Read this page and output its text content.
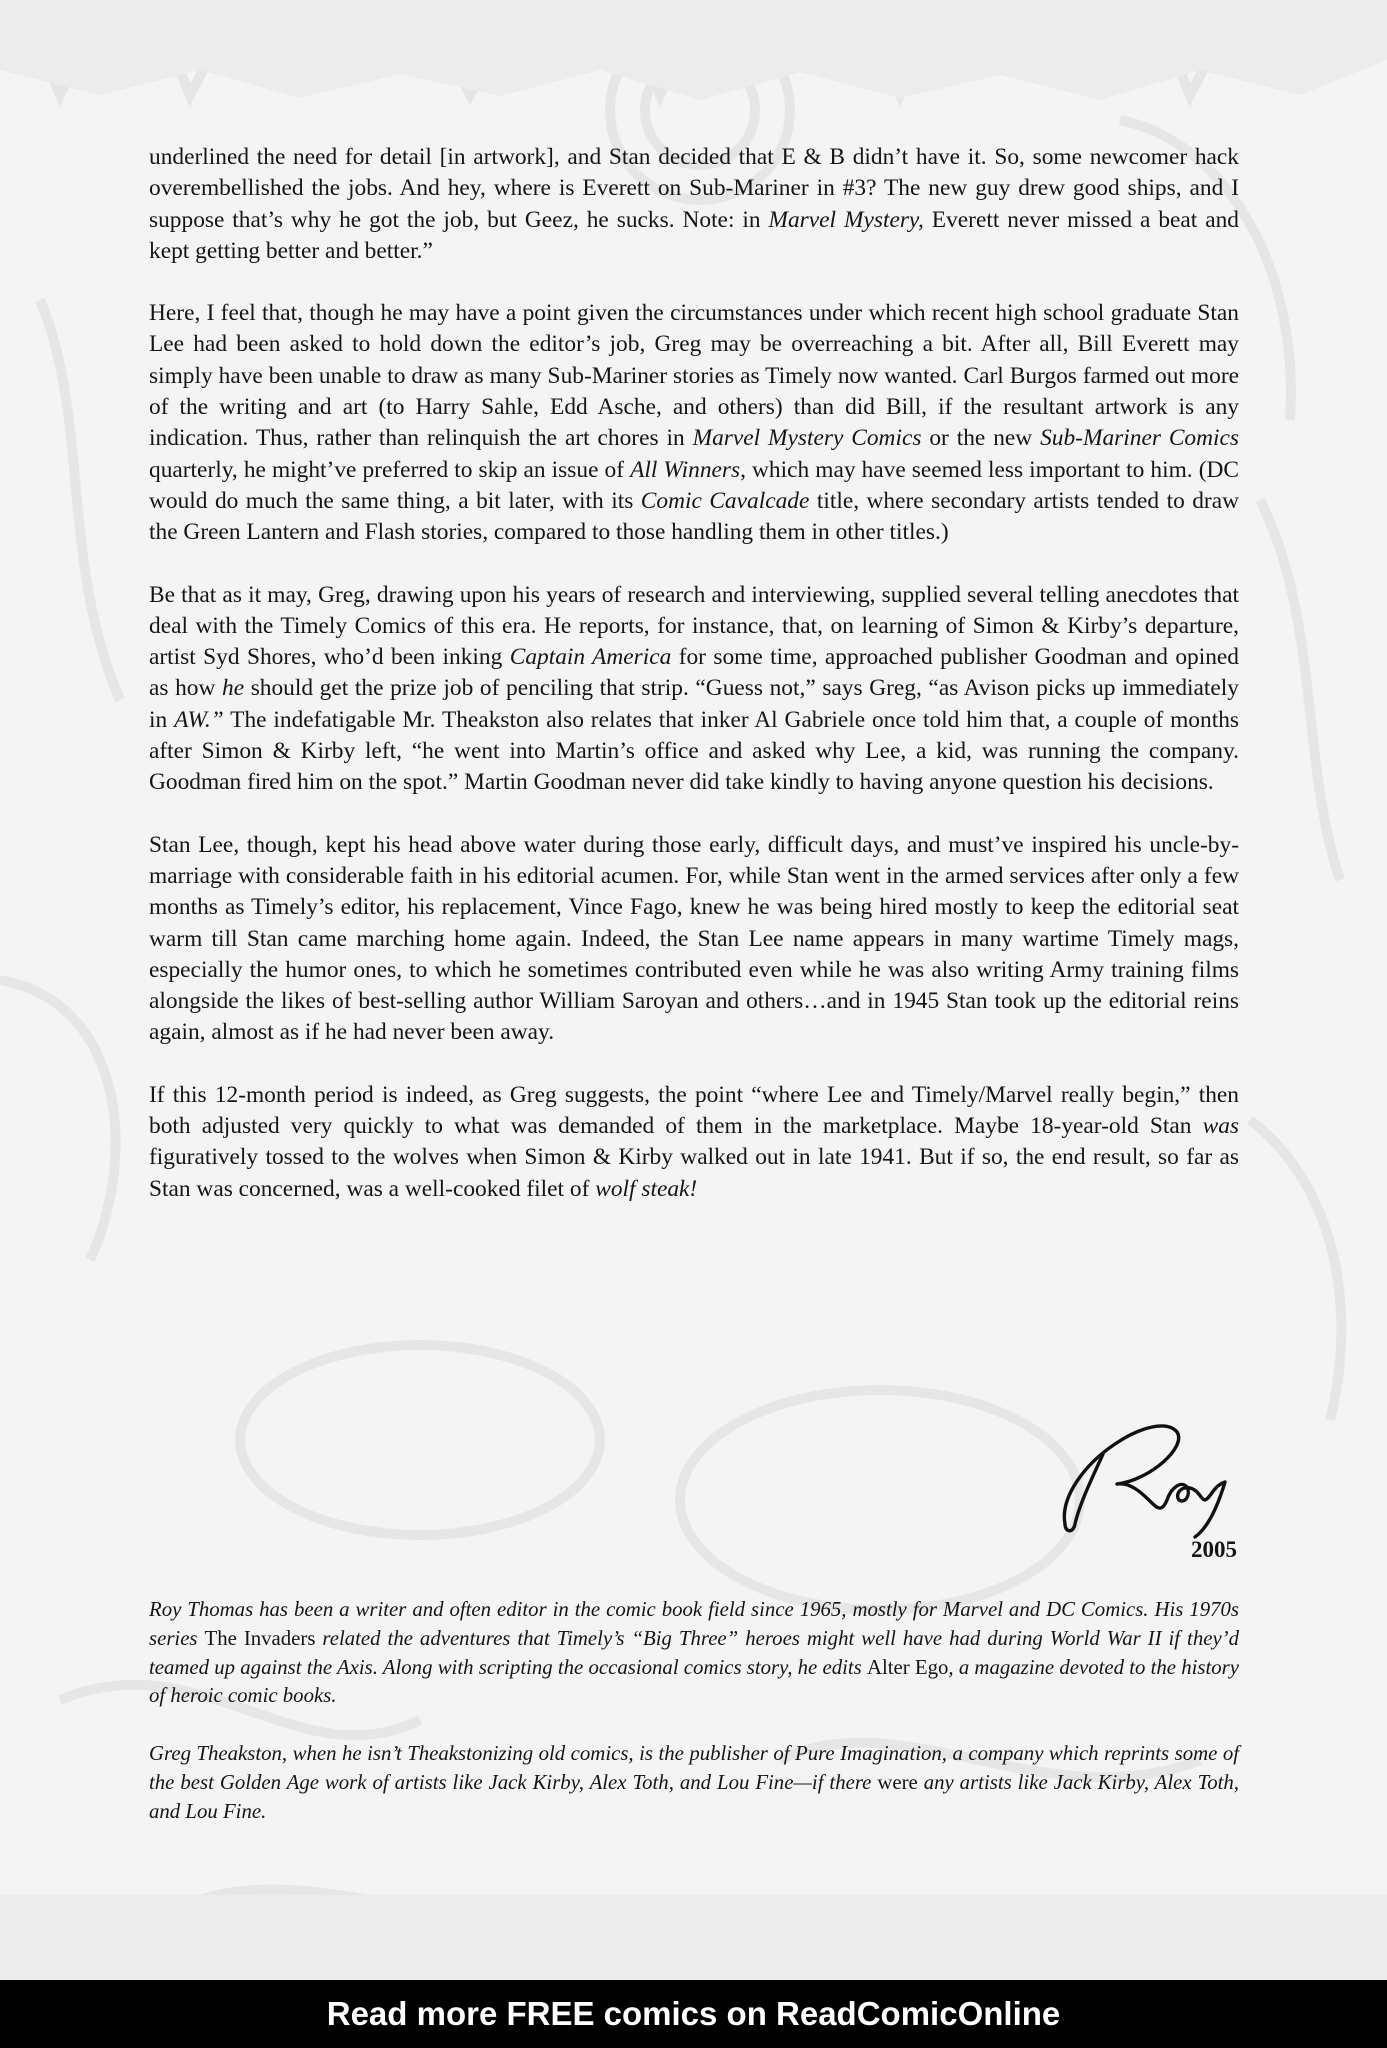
underlined the need for detail [in artwork], and Stan decided that E & B didn’t have it. So, some newcomer hack overembellished the jobs. And hey, where is Everett on Sub-Mariner in #3? The new guy drew good ships, and I suppose that’s why he got the job, but Geez, he sucks. Note: in Marvel Mystery, Everett never missed a beat and kept getting better and better.”

Here, I feel that, though he may have a point given the circumstances under which recent high school graduate Stan Lee had been asked to hold down the editor’s job, Greg may be overreaching a bit. After all, Bill Everett may simply have been unable to draw as many Sub-Mariner stories as Timely now wanted. Carl Burgos farmed out more of the writing and art (to Harry Sahle, Edd Asche, and others) than did Bill, if the resultant artwork is any indication. Thus, rather than relinquish the art chores in Marvel Mystery Comics or the new Sub-Mariner Comics quarterly, he might’ve preferred to skip an issue of All Winners, which may have seemed less important to him. (DC would do much the same thing, a bit later, with its Comic Cavalcade title, where secondary artists tended to draw the Green Lantern and Flash stories, compared to those handling them in other titles.)

Be that as it may, Greg, drawing upon his years of research and interviewing, supplied several telling anecdotes that deal with the Timely Comics of this era. He reports, for instance, that, on learning of Simon & Kirby’s departure, artist Syd Shores, who’d been inking Captain America for some time, approached publisher Goodman and opined as how he should get the prize job of penciling that strip. “Guess not,” says Greg, “as Avison picks up immediately in AW.” The indefatigable Mr. Theakston also relates that inker Al Gabriele once told him that, a couple of months after Simon & Kirby left, “he went into Martin’s office and asked why Lee, a kid, was running the company. Goodman fired him on the spot.” Martin Goodman never did take kindly to having anyone question his decisions.

Stan Lee, though, kept his head above water during those early, difficult days, and must’ve inspired his uncle-by-marriage with considerable faith in his editorial acumen. For, while Stan went in the armed services after only a few months as Timely’s editor, his replacement, Vince Fago, knew he was being hired mostly to keep the editorial seat warm till Stan came marching home again. Indeed, the Stan Lee name appears in many wartime Timely mags, especially the humor ones, to which he sometimes contributed even while he was also writing Army training films alongside the likes of best-selling author William Saroyan and others…and in 1945 Stan took up the editorial reins again, almost as if he had never been away.

If this 12-month period is indeed, as Greg suggests, the point “where Lee and Timely/Marvel really begin,” then both adjusted very quickly to what was demanded of them in the marketplace. Maybe 18-year-old Stan was figuratively tossed to the wolves when Simon & Kirby walked out in late 1941. But if so, the end result, so far as Stan was concerned, was a well-cooked filet of wolf steak!

2005

Roy Thomas has been a writer and often editor in the comic book field since 1965, mostly for Marvel and DC Comics. His 1970s series The Invaders related the adventures that Timely’s “Big Three” heroes might well have had during World War II if they’d teamed up against the Axis. Along with scripting the occasional comics story, he edits Alter Ego, a magazine devoted to the history of heroic comic books.

Greg Theakston, when he isn’t Theakstonizing old comics, is the publisher of Pure Imagination, a company which reprints some of the best Golden Age work of artists like Jack Kirby, Alex Toth, and Lou Fine—if there were any artists like Jack Kirby, Alex Toth, and Lou Fine.

Read more FREE comics on ReadComicOnline
